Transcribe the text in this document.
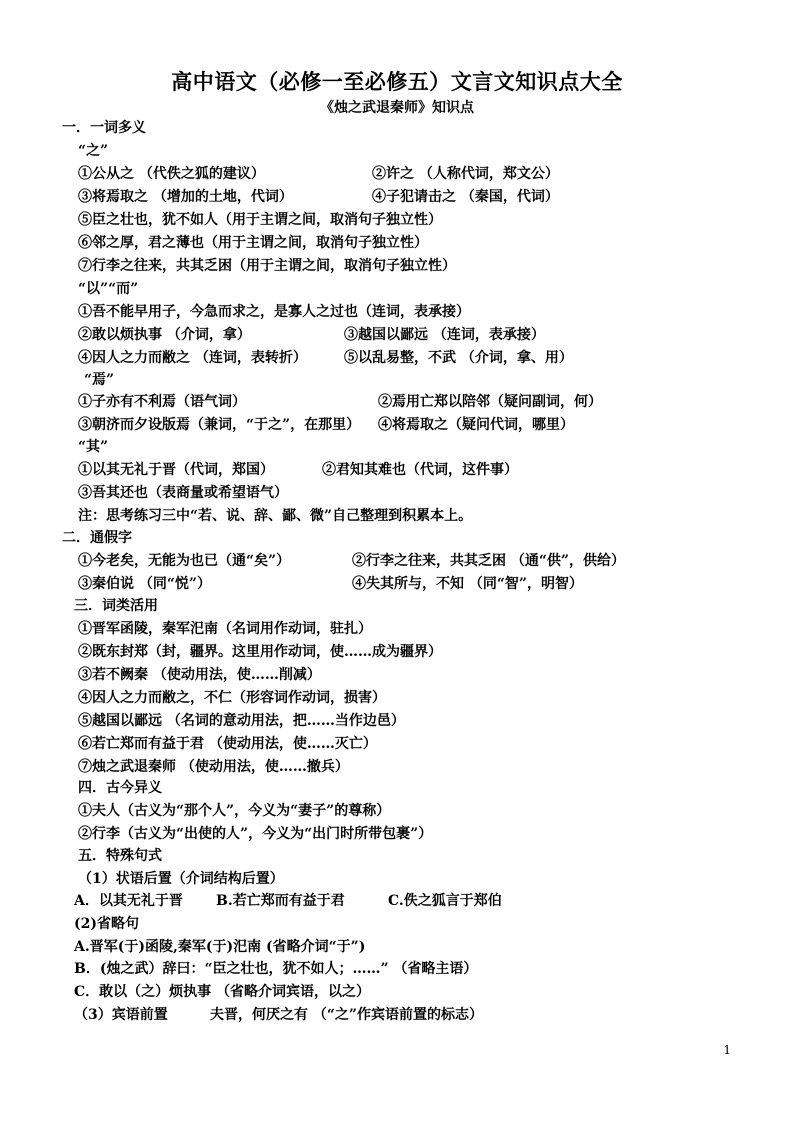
高中语文（必修一至必修五）文言文知识点大全
《烛之武退秦师》知识点
一．一词多义
“之”
①公从之 （代佚之狐的建议）	②许之 （人称代词，郑文公）
③将焉取之 （增加的土地，代词）	④子犯请击之 （秦国，代词）
⑤臣之壮也，犹不如人（用于主谓之间，取消句子独立性）
⑥邻之厚，君之薄也（用于主谓之间，取消句子独立性）
⑦行李之往来，共其乏困（用于主谓之间，取消句子独立性）
“以”“而”
①吾不能早用子，今急而求之，是寡人之过也（连词，表承接）
②敢以烦执事 （介词，拿）	③越国以鄙远 （连词，表承接）
④因人之力而敝之 （连词，表转折）	⑤以乱易整，不武 （介词，拿、用）
“焉”
①子亦有不利焉（语气词）	②焉用亡郑以陪邻（疑问副词，何）
③朝济而夕设版焉（兼词，“于之”，在那里） ④将焉取之（疑问代词，哪里）
“其”
①以其无礼于晋（代词，郑国）	②君知其难也（代词，这件事）
③吾其还也（表商量或希望语气）
注：思考练习三中“若、说、辞、鄙、微”自己整理到积累本上。
二．通假字
①今老矣，无能为也已（通“矣”）	②行李之往来，共其乏困 （通“供”，供给）
③秦伯说 （同“悦”）	④失其所与，不知 （同“智”，明智）
三．词类活用
①晋军函陵，秦军汜南（名词用作动词，驻扎）
②既东封郑（封，疆界。这里用作动词，使……成为疆界）
③若不阙秦 （使动用法，使……削减）
④因人之力而敝之，不仁（形容词作动词，损害）
⑤越国以鄙远 （名词的意动用法，把……当作边邑）
⑥若亡郑而有益于君 （使动用法，使……灭亡）
⑦烛之武退秦师 （使动用法，使……撤兵）
四．古今异义
①夫人（古义为“那个人”，今义为“妻子”的尊称）
②行李（古义为“出使的人”，今义为“出门时所带包裹”）
五．特殊句式
（1）状语后置（介词结构后置）
A．以其无礼于晋 B.若亡郑而有益于君	C.佚之狐言于郑伯
(2)省略句
A.晋军(于)函陵,秦军(于)汜南 (省略介词“于”)
B．(烛之武）辞曰：“臣之壮也，犹不如人；……” （省略主语）
C．敢以（之）烦执事 （省略介词宾语，以之）
（3）宾语前置	夫晋，何厌之有 （“之”作宾语前置的标志）
1
